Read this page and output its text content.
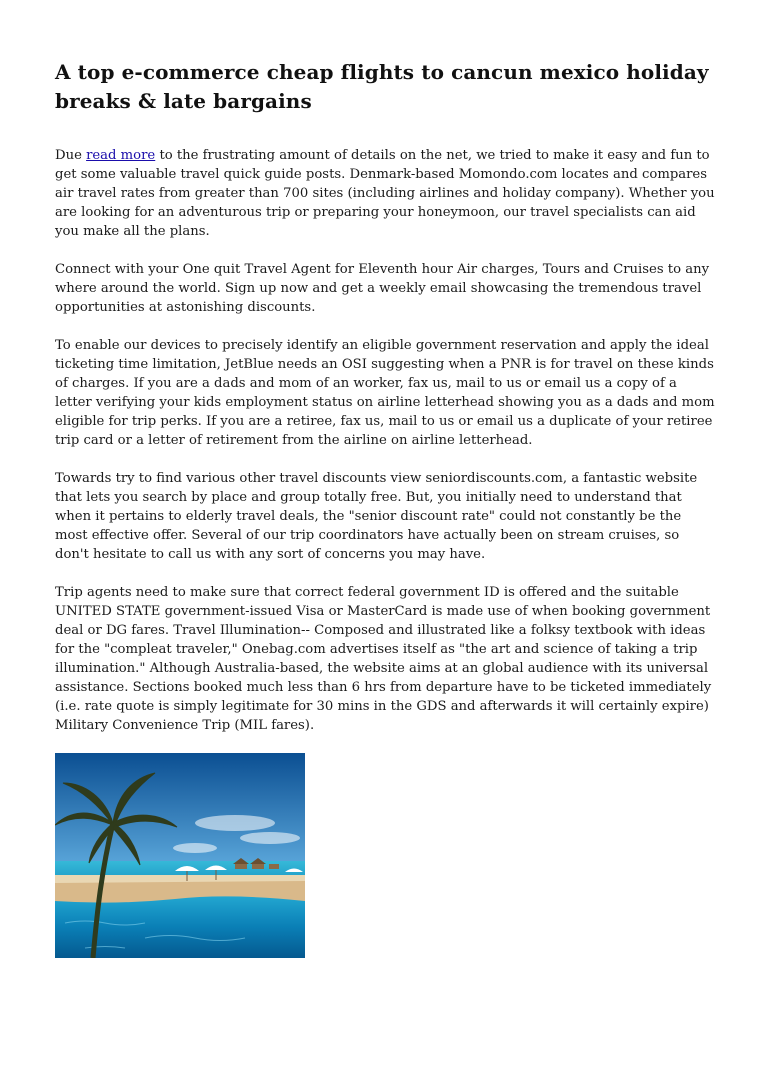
A top e-commerce cheap flights to cancun mexico holiday breaks & late bargains

Due read more to the frustrating amount of details on the net, we tried to make it easy and fun to get some valuable travel quick guide posts. Denmark-based Momondo.com locates and compares air travel rates from greater than 700 sites (including airlines and holiday company). Whether you are looking for an adventurous trip or preparing your honeymoon, our travel specialists can aid you make all the plans.

Connect with your One quit Travel Agent for Eleventh hour Air charges, Tours and Cruises to any where around the world. Sign up now and get a weekly email showcasing the tremendous travel opportunities at astonishing discounts.

To enable our devices to precisely identify an eligible government reservation and apply the ideal ticketing time limitation, JetBlue needs an OSI suggesting when a PNR is for travel on these kinds of charges. If you are a dads and mom of an worker, fax us, mail to us or email us a copy of a letter verifying your kids employment status on airline letterhead showing you as a dads and mom eligible for trip perks. If you are a retiree, fax us, mail to us or email us a duplicate of your retiree trip card or a letter of retirement from the airline on airline letterhead.

Towards try to find various other travel discounts view seniordiscounts.com, a fantastic website that lets you search by place and group totally free. But, you initially need to understand that when it pertains to elderly travel deals, the "senior discount rate" could not constantly be the most effective offer. Several of our trip coordinators have actually been on stream cruises, so don't hesitate to call us with any sort of concerns you may have.

Trip agents need to make sure that correct federal government ID is offered and the suitable UNITED STATE government-issued Visa or MasterCard is made use of when booking government deal or DG fares. Travel Illumination-- Composed and illustrated like a folksy textbook with ideas for the "compleat traveler," Onebag.com advertises itself as "the art and science of taking a trip illumination." Although Australia-based, the website aims at an global audience with its universal assistance. Sections booked much less than 6 hrs from departure have to be ticketed immediately (i.e. rate quote is simply legitimate for 30 mins in the GDS and afterwards it will certainly expire) Military Convenience Trip (MIL fares).
